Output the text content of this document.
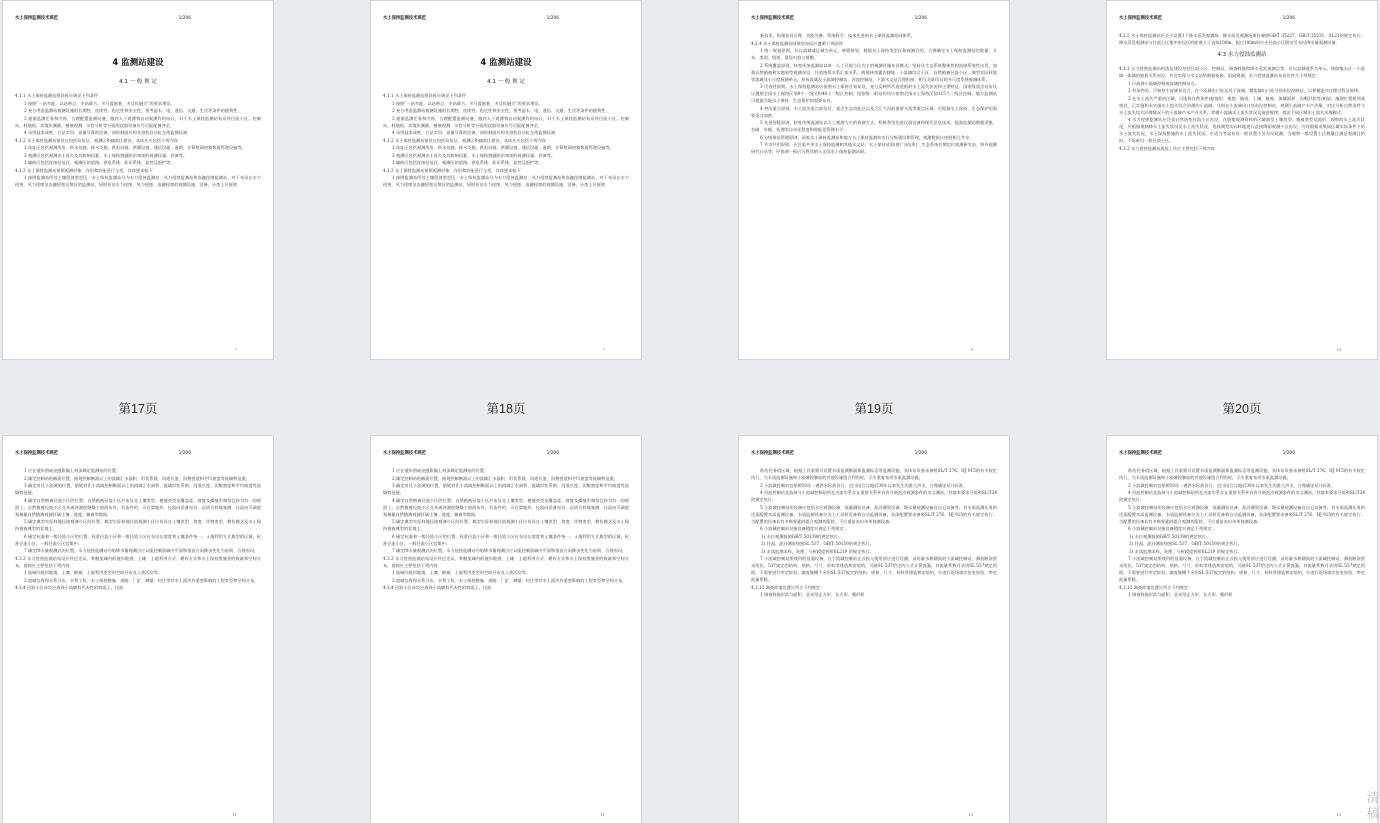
水土保持监测技术规范	1/206
4 监测站建设
4.1 一 般 规 定

4.1.1 水土保持监测站建设时应满足下列条件：

1 按照“一站多能、以站带点、多站联合、多尺度嵌套、多目标融合”的要求建设。

2 充分考虑监测站观测设施的长期性、连续性、稳定性和安全性，要考虑水、电、通信、交通、生活等条件的便利性。

3 根据监测任务和内容，合理配置监测设备，做到人工观测和自动观测有机结合，对于水土保持监测站布设有径流小区、控制站、样地的，其地形测量、植被观测、实验分析等方面的仪器设备应尽可能配备齐全。

4 采用技术成熟、方法实用、质量可靠的设备，同时鼓励应用先进的自动化在线监测设备。

4.1.2 水土保持监测站建设应包括站址区、观测区和辅助区建设，具体还应包括下列内容：

1 站址区包括观测用房、供水设施、排水设施、供电设施、供暖设施、通信设施、道路、计算机网络和数据管理设施等。

2 观测区包括观测水土流失及其影响因素、水土保持措施防治效果的观测设施、设备等。

3 辅助区包括连接站址区、观测区的道路、供电系统、标识系统、监控及围栏等。

4.1.3 水土保持监测站按照观测对象、作用和功能进行分类，具体要求如下：

1 按照监测站所处土壤侵蚀类型区，水土保持监测站分为水力侵蚀监测站、风力侵蚀监测站和冻融侵蚀监测站。对于布设在水力侵蚀、风力侵蚀及冻融侵蚀交错区的监测站，同时布设水力侵蚀、风力侵蚀、冻融侵蚀的观测设施、设备，分类上应按照

7
水土保持监测技术规范	1/206
4 监测站建设
4.1 一 般 规 定

4.1.1 水土保持监测站建设时应满足下列条件：

1 按照“一站多能、以站带点、多站联合、多尺度嵌套、多目标融合”的要求建设。

2 充分考虑监测站观测设施的长期性、连续性、稳定性和安全性，要考虑水、电、通信、交通、生活等条件的便利性。

3 根据监测任务和内容，合理配置监测设备，做到人工观测和自动观测有机结合，对于水土保持监测站布设有径流小区、控制站、样地的，其地形测量、植被观测、实验分析等方面的仪器设备应尽可能配备齐全。

4 采用技术成熟、方法实用、质量可靠的设备，同时鼓励应用先进的自动化在线监测设备。

4.1.2 水土保持监测站建设应包括站址区、观测区和辅助区建设，具体还应包括下列内容：

1 站址区包括观测用房、供水设施、排水设施、供电设施、供暖设施、通信设施、道路、计算机网络和数据管理设施等。

2 观测区包括观测水土流失及其影响因素、水土保持措施防治效果的观测设施、设备等。

3 辅助区包括连接站址区、观测区的道路、供电系统、标识系统、监控及围栏等。

4.1.3 水土保持监测站按照观测对象、作用和功能进行分类，具体要求如下：

1 按照监测站所处土壤侵蚀类型区，水土保持监测站分为水力侵蚀监测站、风力侵蚀监测站和冻融侵蚀监测站。对于布设在水力侵蚀、风力侵蚀及冻融侵蚀交错区的监测站，同时布设水力侵蚀、风力侵蚀、冻融侵蚀的观测设施、设备，分类上应按照

7
水土保持监测技术规范	1/206

新技术，构建布局合理、功能完备、系统科学、技术先进的水土保持监测站网体系。

4.2.4 水土保持监测站网规划布局应遵循下列原则：

1 统一规划原则。应以流域或区域为单元，统筹规划，根据水土保持类型区和观测目的，合理确定水土保持监测站的数量、分布、类别、级别、建设内容与规模。

2 系统覆盖原则。转变传统监测站以单一人工径流小区为主的观测设施布设模式，坚持从生态系统整体性和流域系统性出发，加强自然植被和实地原型观测布设，注重统筹水系汇流关系，构建林草灌农耕地、小流域综合小区、自然植被径流小区、典型实际样地等流域及小尺度观测单元，形成流域及小流域控制站、河流控制站、下游水文站合理衔接、相互关联印证的多尺度系统观测体系。

3 代表性原则。水土保持监测站应按照水土保持区划布设，充分反映所代表范围的水土流失状况和主要特征。国家级重点站布设应遵照全国水土保持区划8个一级区和40个二级区控制；国家级一般站布设应按照全国水土保持区划115个三级区控制。地方监测站可根据当地水土保持、生态保护的需要布设。

4 突出重点原则。水土流失重点防治区、重点生态功能区以及大江大河的重要支流等重点区域，可根据水土保持、生态保护的需要适当加密。

5 先进智能原则。转变传统监测站以人工观测为主的观测方式，积极利用先进仪器设备和现代信息技术，提高监测站数据采集、存储、传输、处理的自动化程度和智能化管理水平。

6 分级建设管理原则。国家水土保持监测站和地方水土保持监测站实行分级建设和管理，观测数据应按照相互共享。

7 共享共用原则。应注重共享水土保持监测和其他水文站、水土保持试验(推广)站(所)、生态系统长期定位观测研究站、野外观测研究台站等，经协调一致后可将其纳入全国水土保持监测站网。

9
水土保持监测技术规范	1/206

4.2.5 水土保持监测站应至少设置1个降水蒸发观测场。降水蒸发观测场建设参照GB/T 35227、GB/T 35231、SL21的规定执行。降水蒸发观测场与径流小区集中布设区的距离大于直线100m，超过100m时应在径流小区附近另布设降水量观测设备。

4.3 水力侵蚀监测站

4.3.1 水力侵蚀监测站的选址建设包括径流小区、控制站、调查样地和降水蒸发观测点等，应以流域或系为单元，按照集水区一小流域一流域的嵌套关系布设，并宜实现与水文站的数据衔接。组网观测，水力侵蚀监测站布设应符合下列规定：

1 应选择小流域控制或流域控制站点。

2 有条件的，可按控小流域布设点，在小流域出口处及其子流域，微流域出口处分别布设控制站，以掌握泥沙迁移过程及规律。

3 在水土流失严重的区域，可选择自然条件(如地形、地貌、地质、土壤、植被、流域面积、沟壑形状等)相似、地理位置相邻或相近，已实施和未实施水土流失综合治理的小流域，分别在小流域出口处布设控制站，观测小流域产水产沙量，对比分析自然条件与水土流失综合治理情况下的小流域产水产沙关系，掌握小流域水土流失状况及演进规律，提出不同区域水土流失治理模式。

4 水力侵蚀监测站应注重自然演变径流小区布设，在收集观测资料的区域典型土壤类型，植被类型及地形，观察的水土流失状况，应根据观测降水土流失状况及水土流失状况，选择典型实际样地进行直接降雨观测小区布设，内设数据采集同区域实际条件下的水土流失状况，水土保持措施的水土流失状况。应适当考虑布设一般设置小区布设观测，当观察一般设置小区数量过满足观测目的时，不再新设一般径流小区。

4.3.2 水力侵蚀监测站选址工作应主要包括下列内容：

10
第17页	第18页	第19页	第20页
水土保持监测技术规范	1/206

1 应在地形图或遥感影像上初步确定监测站的位置。

2 确定控制站的断面位置，据规控制断面以上的流域汇水面积、形状系数、沟道长度、沟壑密度和平均坡度等流域特征值。

3 确定对比小流域的位置，据规对比小流域控制断面以上的流域汇水面积、流域形状系数、沟道长度、沟壑密度和平均坡度等流域特征值。

4 确定自然植被径流小区的位置。自然植被径流小区应布设在土壤类型、植被类型及覆盖度、坡度及微地形典型且较为均一的坡面上。自然植被径流小区宜具规顶测视频整个坡面布设，有条件的，可在梁地形、径流向设备布设，以结合样地观测，径流向可调查和测量自然植被观测区域土壤、坡度、植被等数据。

5 确定典型实际样地径流观测小区的位置。典型实际样地径流观测小区应布设在土壤类型、坡度、作物类型、耕作模式及水土保持措施典型的农地上。

6 确定标准和一般径流小区的位置。标准径流小区和一般径流小区应布设在坡度和土壤条件统一、土地利用方式典型的区域，标准径流小区、一般径流小区宜集中。

7 确定降水量观测点的位置。水力侵蚀监测站内的降水量观测点应以能控制流域内平面和垂直方向降水变化为原则，合理布设。

4.3.3 水力侵蚀监测站布设应经过论证，掌握流域内的地形地貌、土壤、土地利用方式、耕作方式和水土保持措施等的数量和空间分布，查阅应主要包括下列内容：

1 流域内地形地貌、土壤、植被、土地利用类型的空间分布及人类活动等。

2 流域边界和水系分布，水利工程、水土保持措施、道路、厂矿、城镇、村庄等对水土流失有重要影响的工程类型和空间分布。

4.3.4 径流小区布设应选择小流域有代表性的坡面上，径流

11
水土保持监测技术规范	1/206

1 应在地形图或遥感影像上初步确定监测站的位置。

2 确定控制站的断面位置，据规控制断面以上的流域汇水面积、形状系数、沟道长度、沟壑密度和平均坡度等流域特征值。

3 确定对比小流域的位置，据规对比小流域控制断面以上的流域汇水面积、流域形状系数、沟道长度、沟壑密度和平均坡度等流域特征值。

4 确定自然植被径流小区的位置。自然植被径流小区应布设在土壤类型、植被类型及覆盖度、坡度及微地形典型且较为均一的坡面上。自然植被径流小区宜具规顶测视频整个坡面布设，有条件的，可在梁地形、径流向设备布设，以结合样地观测，径流向可调查和测量自然植被观测区域土壤、坡度、植被等数据。

5 确定典型实际样地径流观测小区的位置。典型实际样地径流观测小区应布设在土壤类型、坡度、作物类型、耕作模式及水土保持措施典型的农地上。

6 确定标准和一般径流小区的位置。标准径流小区和一般径流小区应布设在坡度和土壤条件统一、土地利用方式典型的区域，标准径流小区、一般径流小区宜集中。

7 确定降水量观测点的位置。水力侵蚀监测站内的降水量观测点应以能控制流域内平面和垂直方向降水变化为原则，合理布设。

4.3.3 水力侵蚀监测站布设应经过论证，掌握流域内的地形地貌、土壤、土地利用方式、耕作方式和水土保持措施等的数量和空间分布，查阅应主要包括下列内容：

1 流域内地形地貌、土壤、植被、土地利用类型的空间分布及人类活动等。

2 流域边界和水系分布，水利工程、水土保持措施、道路、厂矿、城镇、村庄等对水土流失有重要影响的工程类型和空间分布。

4.3.4 径流小区布设应选择小流域有代表性的坡面上，径流

11
水土保持监测技术规范	1/206

防治任务的区域，根据工作需要可设置水质监测断面和监测标志等监测设施，具体布设要求参照SL/T 276、HJ 915的有关规定执行。当水质监测设施和小流域控制站的其他设施组合利用时，不应重复布设水质监测设施。

3 小流域控制站宜按照50年一遇洪水标准设计；也可结合当地近30年以来发生的最大洪水，合理确定设计标准。

4 河流控制站宜选择与小流域控制站所在河流水系存在重要关系并具有开展泥沙观测条件的水文测站，其基本要求可按照SL/T34 的规定执行。

5 小流域控制站的设备应包括水位观测设备、流量测验设备、泥沙测验设备、降水量观测设备及自记设备等。有水质监测任务的还需配置水质监测设备，水质监测设备分为人工采样设备和自动监测设备，具体配置要求参照SL/T 276、HJ 915的有关规定执行。当配置的设备具有多种要素的组合观测功能时，不应重复布设单项观测设备。

6 小流域控制站设施设备精度应满足下列规定：

1) 水位观测按照GB/T 50138的规定执行。

2) 径流、泥沙测验按照SL 537、GB/T 50159的规定执行。

3) 水质监测采样、处理、分析精度按照SL219 的规定执行。

7 小流域控制站所使用的仪器设备，在小流域控制站正式投入使用前应进行比测，采用量水堰测流的小流域控制站，测流断面要采用比、537规定的结构、规格、尺寸、材料等建造和安装的，可按SL 537给定的公式计算流量，其流量系数可采用SL 537规定的值，不需要进行率定检验。测流堰槽不采用SL 537规定的结构、规格、尺寸、材料等建造和安装的，应进行现场或实验室检验，率定流量系数。

4.3.12 调查样地设置应符合下列规定：

1 调查样地形状与面积，宜采用正方形、长方形、圆形样

13
水土保持监测技术规范	1/206

防治任务的区域，根据工作需要可设置水质监测断面和监测标志等监测设施，具体布设要求参照SL/T 276、HJ 915的有关规定执行。当水质监测设施和小流域控制站的其他设施组合利用时，不应重复布设水质监测设施。

3 小流域控制站宜按照50年一遇洪水标准设计；也可结合当地近30年以来发生的最大洪水，合理确定设计标准。

4 河流控制站宜选择与小流域控制站所在河流水系存在重要关系并具有开展泥沙观测条件的水文测站，其基本要求可按照SL/T34 的规定执行。

5 小流域控制站的设备应包括水位观测设备、流量测验设备、泥沙测验设备、降水量观测设备及自记设备等。有水质监测任务的还需配置水质监测设备，水质监测设备分为人工采样设备和自动监测设备，具体配置要求参照SL/T 276、HJ 915的有关规定执行。当配置的设备具有多种要素的组合观测功能时，不应重复布设单项观测设备。

6 小流域控制站设施设备精度应满足下列规定：

1) 水位观测按照GB/T 50138的规定执行。

2) 径流、泥沙测验按照SL 537、GB/T 50159的规定执行。

3) 水质监测采样、处理、分析精度按照SL219 的规定执行。

7 小流域控制站所使用的仪器设备，在小流域控制站正式投入使用前应进行比测，采用量水堰测流的小流域控制站，测流断面要采用比、537规定的结构、规格、尺寸、材料等建造和安装的，可按SL 537给定的公式计算流量，其流量系数可采用SL 537规定的值，不需要进行率定检验。测流堰槽不采用SL 537规定的结构、规格、尺寸、材料等建造和安装的，应进行现场或实验室检验，率定流量系数。

4.3.12 调查样地设置应符合下列规定：

1 调查样地形状与面积，宜采用正方形、长方形、圆形样

13
清 稿
